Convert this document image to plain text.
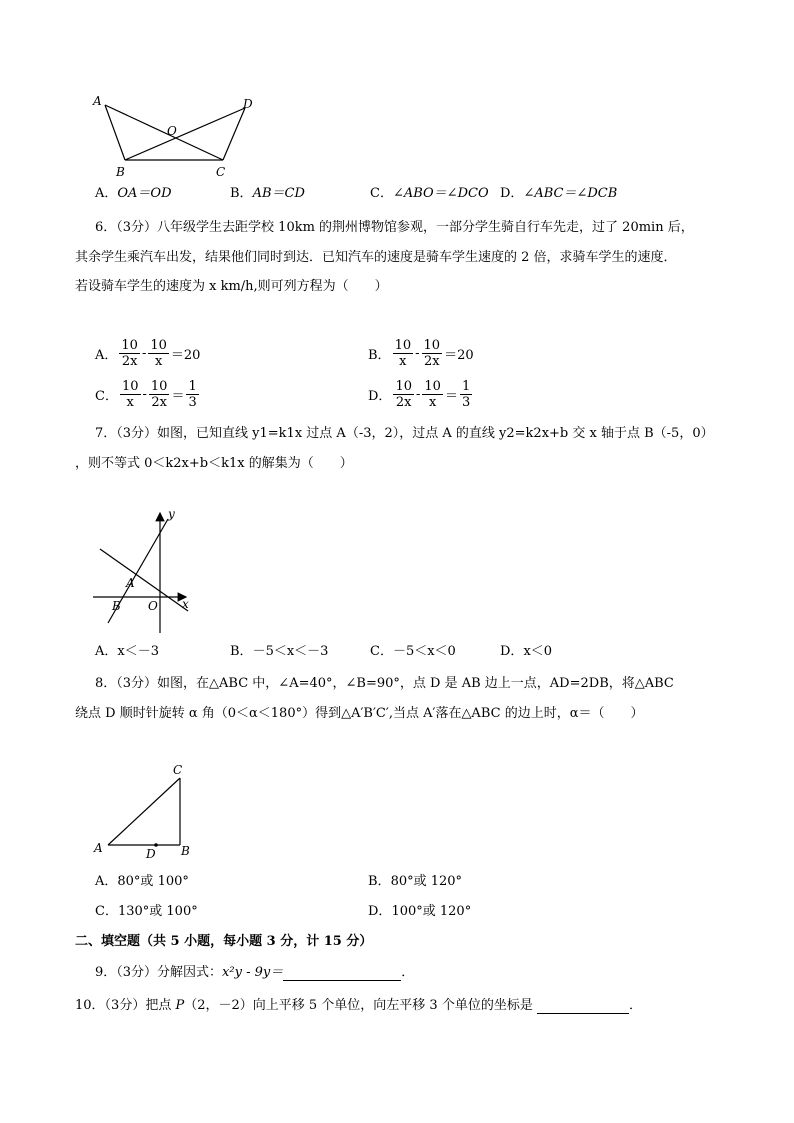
A	D
O
B	C
A．OA＝OD	B．AB＝CD	C．∠ABO＝∠DCO D．∠ABC＝∠DCB
6．（3分）八年级学生去距学校 10km 的荆州博物馆参观，一部分学生骑自行车先走，过了 20min 后，
其余学生乘汽车出发，结果他们同时到达．已知汽车的速度是骑车学生速度的 2 倍，求骑车学生的速度．
若设骑车学生的速度为 x km/h,则可列方程为（　　）
A． $\frac{10}{2x} - \frac{10}{x} =20$	B． $\frac{10}{x} - \frac{10}{2x} =20$
C． $\frac{10}{x} - \frac{10}{2x} = \frac{1}{3}$	D． $\frac{10}{2x} - \frac{10}{x} = \frac{1}{3}$
7．（3分）如图，已知直线 y1=k1x 过点 A（-3，2），过点 A 的直线 y2=k2x+b 交 x 轴于点 B（-5，0）
，则不等式 0＜k2x+b＜k1x 的解集为（　　）
y
x
A
B O
A．x＜－3	B．－5＜x＜－3	C．－5＜x＜0	D．x＜0
8．（3分）如图，在△ABC 中，∠A=40°，∠B=90°，点 D 是 AB 边上一点，AD=2DB，将△ABC
绕点 D 顺时针旋转 α 角（0＜α＜180°）得到△A′B′C′,当点 A′落在△ABC 的边上时，α＝（　　）
C
A	D B
A．80°或 100°	B．80°或 120°
C．130°或 100°	D．100°或 120°
二、填空题（共 5 小题，每小题 3 分，计 15 分）
9．（3分）分解因式：x²y - 9y＝	．
10．（3分）把点 P（2，－2）向上平移 5 个单位，向左平移 3 个单位的坐标是	．
